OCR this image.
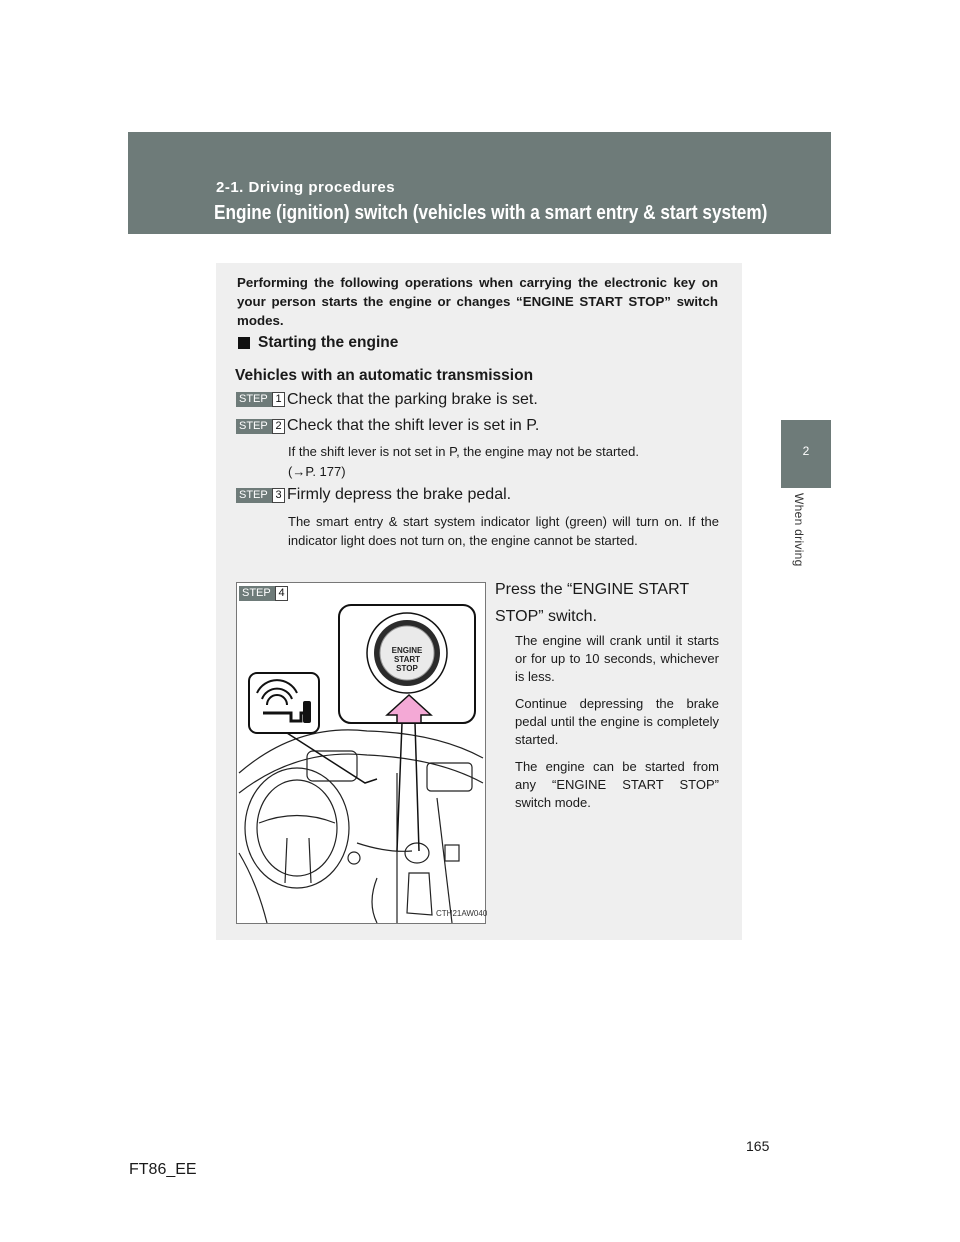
2-1. Driving procedures
Engine (ignition) switch (vehicles with a smart entry & start system)
2
When driving
Performing the following operations when carrying the electronic key on your person starts the engine or changes “ENGINE START STOP” switch modes.
Starting the engine
Vehicles with an automatic transmission
STEP 1 Check that the parking brake is set.
STEP 2 Check that the shift lever is set in P.
If the shift lever is not set in P, the engine may not be started.
(→P. 177)
STEP 3 Firmly depress the brake pedal.
The smart entry & start system indicator light (green) will turn on. If the indicator light does not turn on, the engine cannot be started.
STEP 4
ENGINE
START
STOP
CTH21AW040
Press the “ENGINE START STOP” switch.

The engine will crank until it starts or for up to 10 seconds, whichever is less.

Continue depressing the brake pedal until the engine is completely started.

The engine can be started from any “ENGINE START STOP” switch mode.

165
FT86_EE
